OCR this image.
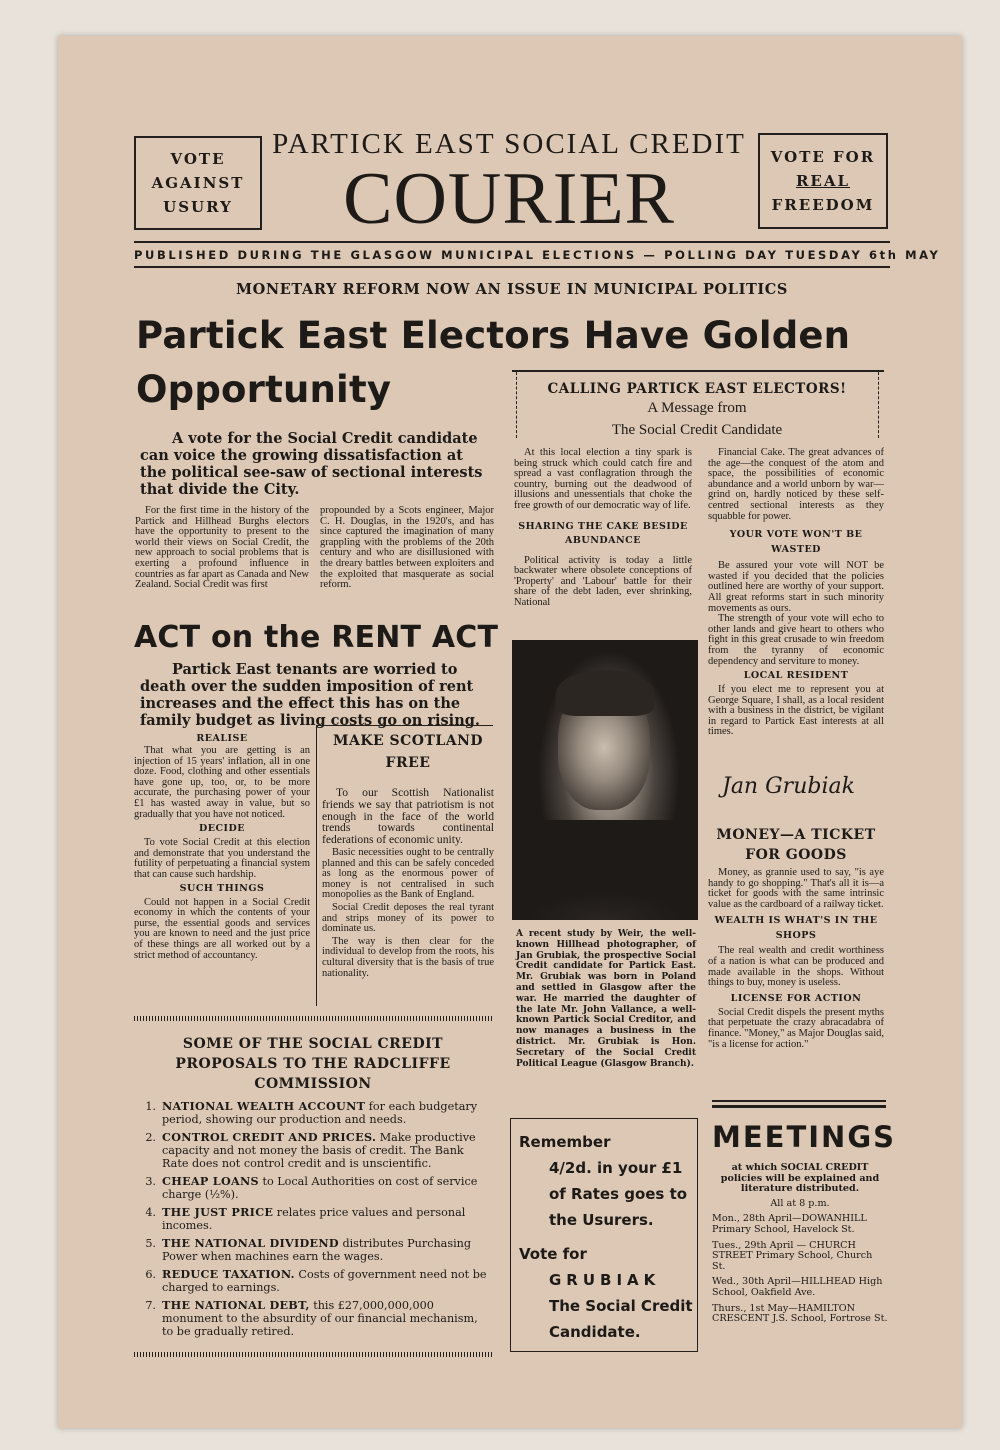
VOTE
AGAINST
USURY
VOTE FOR
REAL
FREEDOM
PARTICK EAST SOCIAL CREDIT
COURIER
PUBLISHED DURING THE GLASGOW MUNICIPAL ELECTIONS — POLLING DAY TUESDAY 6th MAY
MONETARY REFORM NOW AN ISSUE IN MUNICIPAL POLITICS
Partick East Electors Have Golden
Opportunity
A vote for the Social Credit candidate can voice the growing dissatisfaction at the political see-saw of sectional interests that divide the City.
For the first time in the history of the Partick and Hillhead Burghs electors have the opportunity to present to the world their views on Social Credit, the new approach to social problems that is exerting a profound influence in countries as far apart as Canada and New Zealand. Social Credit was first
propounded by a Scots engineer, Major C. H. Douglas, in the 1920's, and has since captured the imagination of many grappling with the problems of the 20th century and who are disillusioned with the dreary battles between exploiters and the exploited that masquerate as social reform.
ACT on the RENT ACT
Partick East tenants are worried to death over the sudden imposition of rent increases and the effect this has on the family budget as living costs go on rising.
REALISE
That what you are getting is an injection of 15 years' inflation, all in one doze. Food, clothing and other essentials have gone up, too, or, to be more accurate, the purchasing power of your £1 has wasted away in value, but so gradually that you have not noticed.
DECIDE
To vote Social Credit at this election and demonstrate that you understand the futility of perpetuating a financial system that can cause such hardship.
SUCH THINGS
Could not happen in a Social Credit economy in which the contents of your purse, the essential goods and services you are known to need and the just price of these things are all worked out by a strict method of accountancy.
MAKE SCOTLAND
FREE
To our Scottish Nationalist friends we say that patriotism is not enough in the face of the world trends towards continental federations of economic unity.
Basic necessities ought to be centrally planned and this can be safely conceded as long as the enormous power of money is not centralised in such monopolies as the Bank of England.
Social Credit deposes the real tyrant and strips money of its power to dominate us.
The way is then clear for the individual to develop from the roots, his cultural diversity that is the basis of true nationality.
SOME OF THE SOCIAL CREDIT PROPOSALS TO THE RADCLIFFE COMMISSION
1. NATIONAL WEALTH ACCOUNT for each budgetary period, showing our production and needs.
2. CONTROL CREDIT AND PRICES. Make productive capacity and not money the basis of credit. The Bank Rate does not control credit and is unscientific.
3. CHEAP LOANS to Local Authorities on cost of service charge (½%).
4. THE JUST PRICE relates price values and personal incomes.
5. THE NATIONAL DIVIDEND distributes Purchasing Power when machines earn the wages.
6. REDUCE TAXATION. Costs of government need not be charged to earnings.
7. THE NATIONAL DEBT, this £27,000,000,000 monument to the absurdity of our financial mechanism, to be gradually retired.
CALLING PARTICK EAST ELECTORS!
A Message from
The Social Credit Candidate
At this local election a tiny spark is being struck which could catch fire and spread a vast conflagration through the country, burning out the deadwood of illusions and unessentials that choke the free growth of our democratic way of life.
SHARING THE CAKE BESIDE ABUNDANCE
Political activity is today a little backwater where obsolete conceptions of 'Property' and 'Labour' battle for their share of the debt laden, ever shrinking, National
Financial Cake. The great advances of the age—the conquest of the atom and space, the possibilities of economic abundance and a world unborn by war—grind on, hardly noticed by these self-centred sectional interests as they squabble for power.
YOUR VOTE WON'T BE WASTED
Be assured your vote will NOT be wasted if you decided that the policies outlined here are worthy of your support. All great reforms start in such minority movements as ours.
The strength of your vote will echo to other lands and give heart to others who fight in this great crusade to win freedom from the tyranny of economic dependency and serviture to money.
LOCAL RESIDENT
If you elect me to represent you at George Square, I shall, as a local resident with a business in the district, be vigilant in regard to Partick East interests at all times.
Jan Grubiak
A recent study by Weir, the well-known Hillhead photographer, of Jan Grubiak, the prospective Social Credit candidate for Partick East. Mr. Grubiak was born in Poland and settled in Glasgow after the war. He married the daughter of the late Mr. John Vallance, a well-known Partick Social Creditor, and now manages a business in the district. Mr. Grubiak is Hon. Secretary of the Social Credit Political League (Glasgow Branch).
MONEY—A TICKET
FOR GOODS
Money, as grannie used to say, "is aye handy to go shopping." That's all it is—a ticket for goods with the same intrinsic value as the cardboard of a railway ticket.
WEALTH IS WHAT'S IN THE SHOPS
The real wealth and credit worthiness of a nation is what can be produced and made available in the shops. Without things to buy, money is useless.
LICENSE FOR ACTION
Social Credit dispels the present myths that perpetuate the crazy abracadabra of finance. "Money," as Major Douglas said, "is a license for action."
Remember
4/2d. in your £1
of Rates goes to
the Usurers.
Vote for
GRUBIAK
The Social Credit
Candidate.
MEETINGS
at which SOCIAL CREDIT policies will be explained and literature distributed.
All at 8 p.m.
Mon., 28th April—DOWANHILL Primary School, Havelock St.
Tues., 29th April — CHURCH STREET Primary School, Church St.
Wed., 30th April—HILLHEAD High School, Oakfield Ave.
Thurs., 1st May—HAMILTON CRESCENT J.S. School, Fortrose St.
